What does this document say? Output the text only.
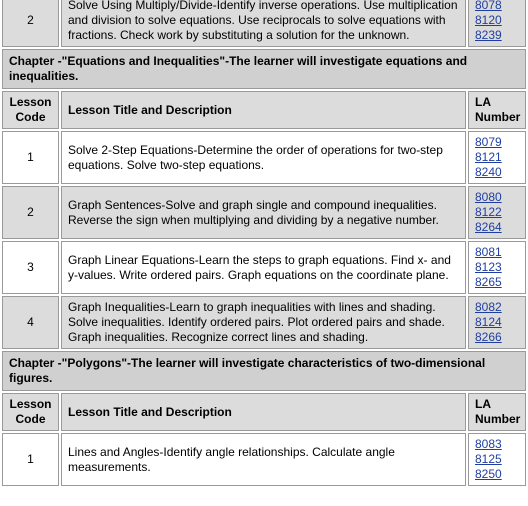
2	Solve Using Multiply/Divide-Identify inverse operations. Use multiplication and division to solve equations. Use reciprocals to solve equations with fractions. Check work by substituting a solution for the unknown.	8078 8120 8239
Chapter -"Equations and Inequalities"-The learner will investigate equations and inequalities.		
Lesson Code	Lesson Title and Description	LA Number
1	Solve 2-Step Equations-Determine the order of operations for two-step equations. Solve two-step equations.	8079 8121 8240
2	Graph Sentences-Solve and graph single and compound inequalities. Reverse the sign when multiplying and dividing by a negative number.	8080 8122 8264
3	Graph Linear Equations-Learn the steps to graph equations. Find x- and y-values. Write ordered pairs. Graph equations on the coordinate plane.	8081 8123 8265
4	Graph Inequalities-Learn to graph inequalities with lines and shading. Solve inequalities. Identify ordered pairs. Plot ordered pairs and shade. Graph inequalities. Recognize correct lines and shading.	8082 8124 8266
Chapter -"Polygons"-The learner will investigate characteristics of two-dimensional figures.		
Lesson Code	Lesson Title and Description	LA Number
1	Lines and Angles-Identify angle relationships. Calculate angle measurements.	8083 8125 8250
